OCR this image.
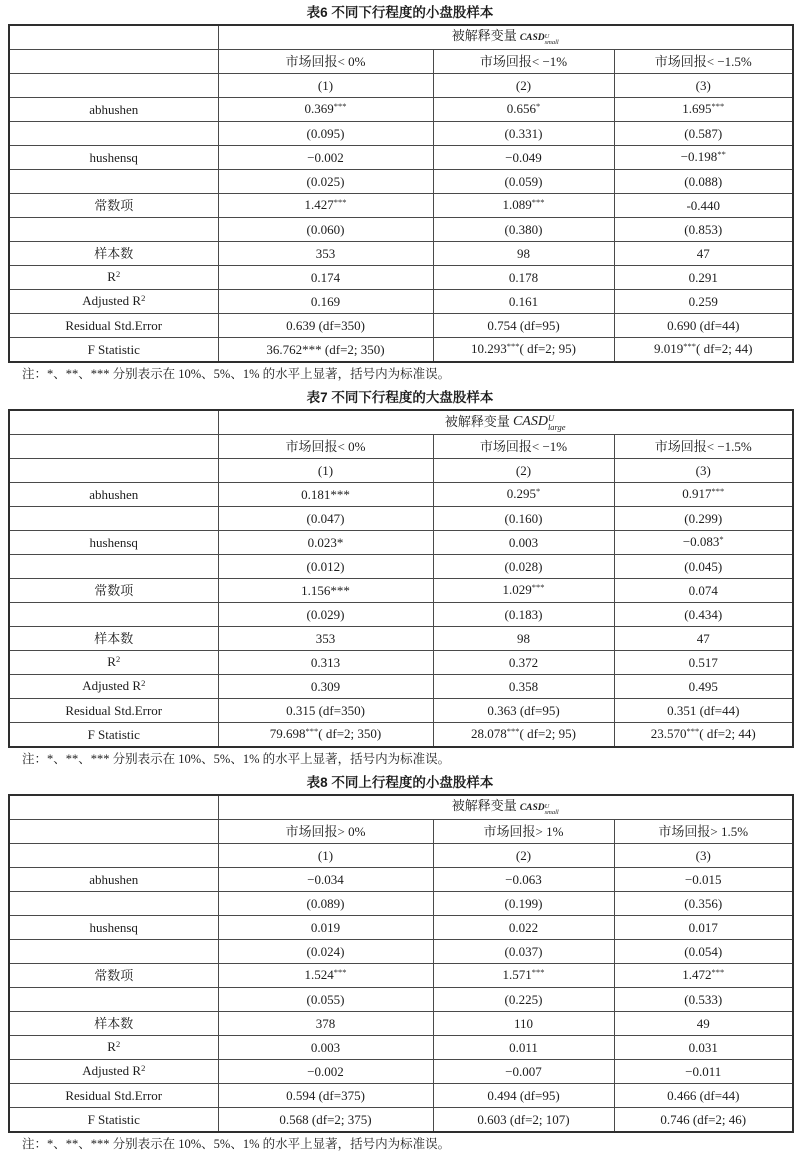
表6 不同下行程度的小盘股样本
	被解释变量 CASD U
small		

	市场回报< 0%	市场回报< −1%	市场回报< −1.5%
	(1)	(2)	(3)
abhushen	0.369***	0.656*	1.695***
	(0.095)	(0.331)	(0.587)
hushensq	−0.002	−0.049	−0.198**
	(0.025)	(0.059)	(0.088)
常数项	1.427***	1.089***	-0.440
	(0.060)	(0.380)	(0.853)
样本数	353	98	47
$R^2$	0.174	0.178	0.291
Adjusted $R^2$	0.169	0.161	0.259
Residual Std.Error	0.639 (df=350)	0.754 (df=95)	0.690 (df=44)
F Statistic	36.762*** (df=2; 350)	10.293***( df=2; 95)	9.019***( df=2; 44)
注：*、**、*** 分别表示在 10%、5%、1% 的水平上显著，括号内为标准误。
表7 不同下行程度的大盘股样本
	被解释变量 CASD U
large		

	市场回报< 0%	市场回报< −1%	市场回报< −1.5%
	(1)	(2)	(3)
abhushen	0.181***	0.295*	0.917***
	(0.047)	(0.160)	(0.299)
hushensq	0.023*	0.003	−0.083*
	(0.012)	(0.028)	(0.045)
常数项	1.156***	1.029***	0.074
	(0.029)	(0.183)	(0.434)
样本数	353	98	47
$R^2$	0.313	0.372	0.517
Adjusted $R^2$	0.309	0.358	0.495
Residual Std.Error	0.315 (df=350)	0.363 (df=95)	0.351 (df=44)
F Statistic	79.698***( df=2; 350)	28.078***( df=2; 95)	23.570***( df=2; 44)
注：*、**、*** 分别表示在 10%、5%、1% 的水平上显著，括号内为标准误。
表8 不同上行程度的小盘股样本
	被解释变量 CASD U
small		

	市场回报> 0%	市场回报> 1%	市场回报> 1.5%
	(1)	(2)	(3)
abhushen	−0.034	−0.063	−0.015
	(0.089)	(0.199)	(0.356)
hushensq	0.019	0.022	0.017
	(0.024)	(0.037)	(0.054)
常数项	1.524***	1.571***	1.472***
	(0.055)	(0.225)	(0.533)
样本数	378	110	49
$R^2$	0.003	0.011	0.031
Adjusted $R^2$	−0.002	−0.007	−0.011
Residual Std.Error	0.594 (df=375)	0.494 (df=95)	0.466 (df=44)
F Statistic	0.568 (df=2; 375)	0.603 (df=2; 107)	0.746 (df=2; 46)
注：*、**、*** 分别表示在 10%、5%、1% 的水平上显著，括号内为标准误。
